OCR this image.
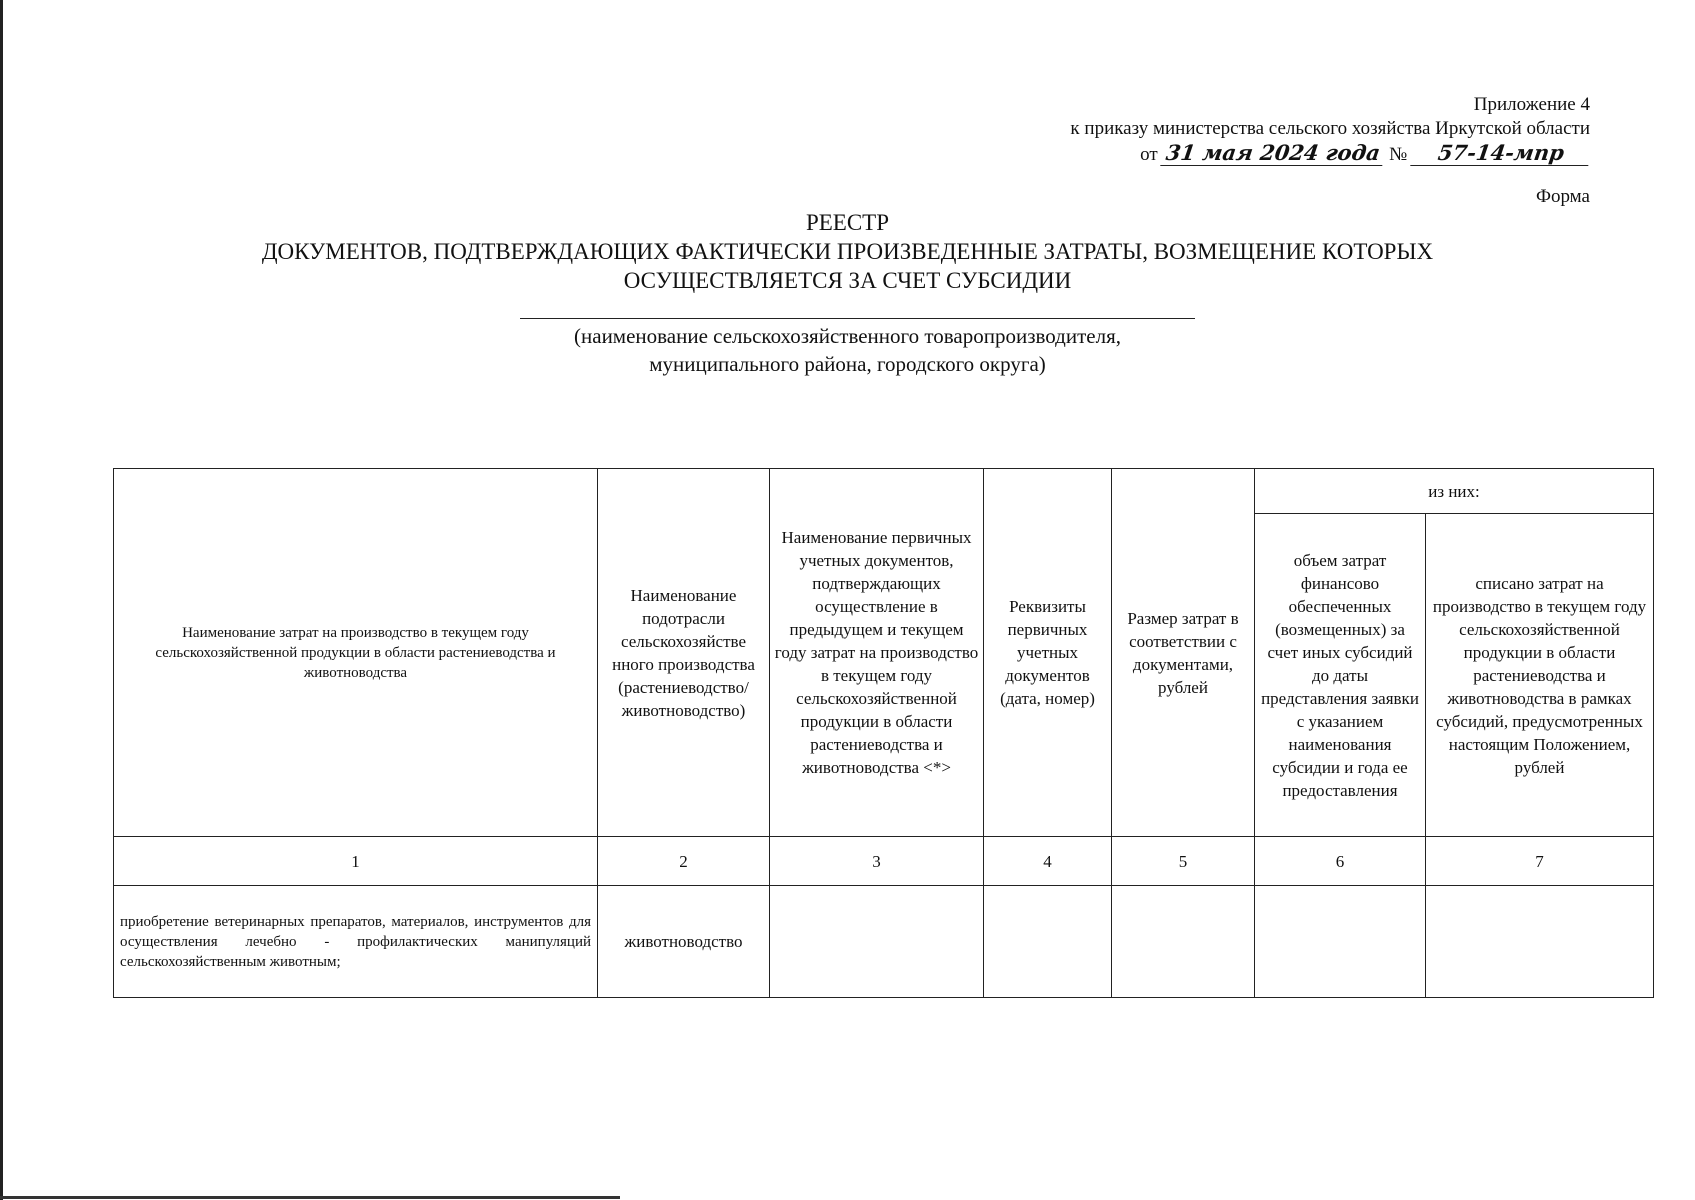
Приложение 4
к приказу министерства сельского хозяйства Иркутской области
от 31 мая 2024 года № 57-14-мпр
Форма
РЕЕСТР
ДОКУМЕНТОВ, ПОДТВЕРЖДАЮЩИХ ФАКТИЧЕСКИ ПРОИЗВЕДЕННЫЕ ЗАТРАТЫ, ВОЗМЕЩЕНИЕ КОТОРЫХ
ОСУЩЕСТВЛЯЕТСЯ ЗА СЧЕТ СУБСИДИИ
(наименование сельскохозяйственного товаропроизводителя,
муниципального района, городского округа)
Наименование затрат на производство в текущем году сельскохозяйственной продукции в области растениеводства и животноводства	Наименование подотрасли сельскохозяйстве нного производства (растениеводство/ животноводство)	Наименование первичных учетных документов, подтверждающих осуществление в предыдущем и текущем году затрат на производство в текущем году сельскохозяйственной продукции в области растениеводства и животноводства <*>	Реквизиты первичных учетных документов (дата, номер)	Размер затрат в соответствии с документами, рублей	из них:	
					объем затрат финансово обеспеченных (возмещенных) за счет иных субсидий до даты представления заявки с указанием наименования субсидии и года ее предоставления	списано затрат на производство в текущем году сельскохозяйственной продукции в области растениеводства и животноводства в рамках субсидий, предусмотренных настоящим Положением, рублей
1	2	3	4	5	6	7
приобретение ветеринарных препаратов, материалов, инструментов для осуществления лечебно - профилактических манипуляций сельскохозяйственным животным;	животноводство					
